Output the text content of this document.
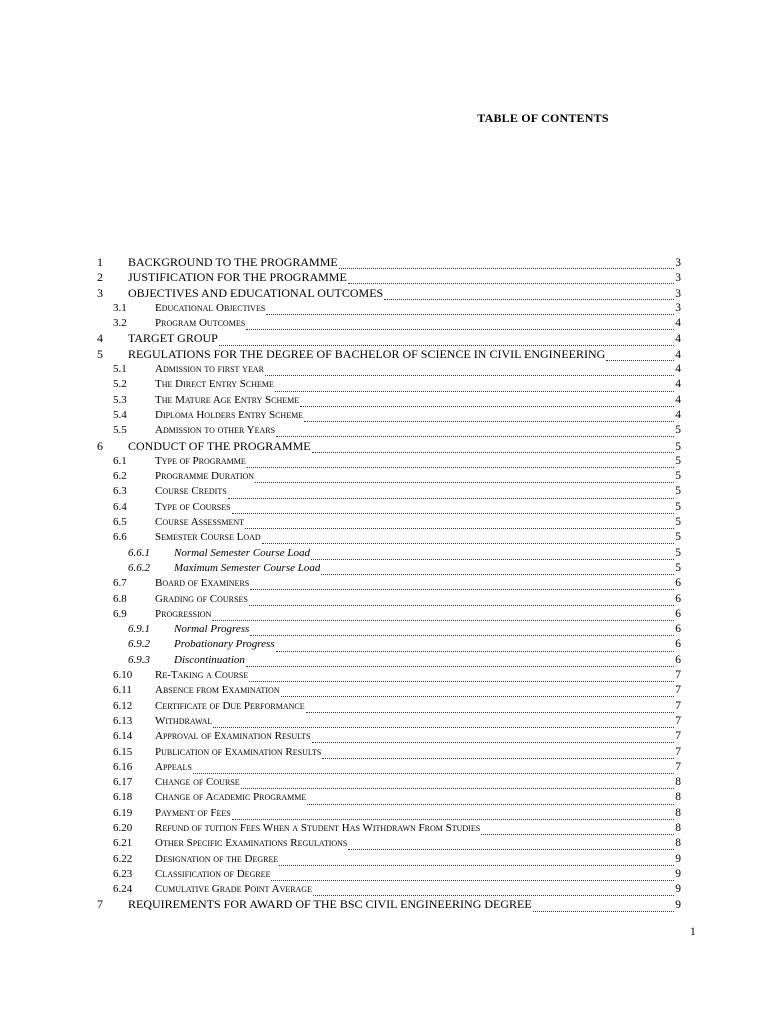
TABLE OF CONTENTS
1	BACKGROUND TO THE PROGRAMME	3
2	JUSTIFICATION FOR THE PROGRAMME	3
3	OBJECTIVES AND EDUCATIONAL OUTCOMES	3
3.1	Educational Objectives	3
3.2	Program Outcomes	4
4	TARGET GROUP	4
5	REGULATIONS FOR THE DEGREE OF BACHELOR OF SCIENCE IN CIVIL ENGINEERING	4
5.1	Admission to first year	4
5.2	The Direct Entry Scheme	4
5.3	The Mature Age Entry Scheme	4
5.4	Diploma Holders Entry Scheme	4
5.5	Admission to other Years	5
6	CONDUCT OF THE PROGRAMME	5
6.1	Type of Programme	5
6.2	Programme Duration	5
6.3	Course Credits	5
6.4	Type of Courses	5
6.5	Course Assessment	5
6.6	Semester Course Load	5
6.6.1	Normal Semester Course Load	5
6.6.2	Maximum Semester Course Load	5
6.7	Board of Examiners	6
6.8	Grading of Courses	6
6.9	Progression	6
6.9.1	Normal Progress	6
6.9.2	Probationary Progress	6
6.9.3	Discontinuation	6
6.10	Re-Taking a Course	7
6.11	Absence from Examination	7
6.12	Certificate of Due Performance	7
6.13	Withdrawal	7
6.14	Approval of Examination Results	7
6.15	Publication of Examination Results	7
6.16	Appeals	7
6.17	Change of Course	8
6.18	Change of Academic Programme	8
6.19	Payment of Fees	8
6.20	Refund of tuition Fees When a Student Has Withdrawn From Studies	8
6.21	Other Specific Examinations Regulations	8
6.22	Designation of the Degree	9
6.23	Classification of Degree	9
6.24	Cumulative Grade Point Average	9
7	REQUIREMENTS FOR AWARD OF THE BSC CIVIL ENGINEERING DEGREE	9
1
